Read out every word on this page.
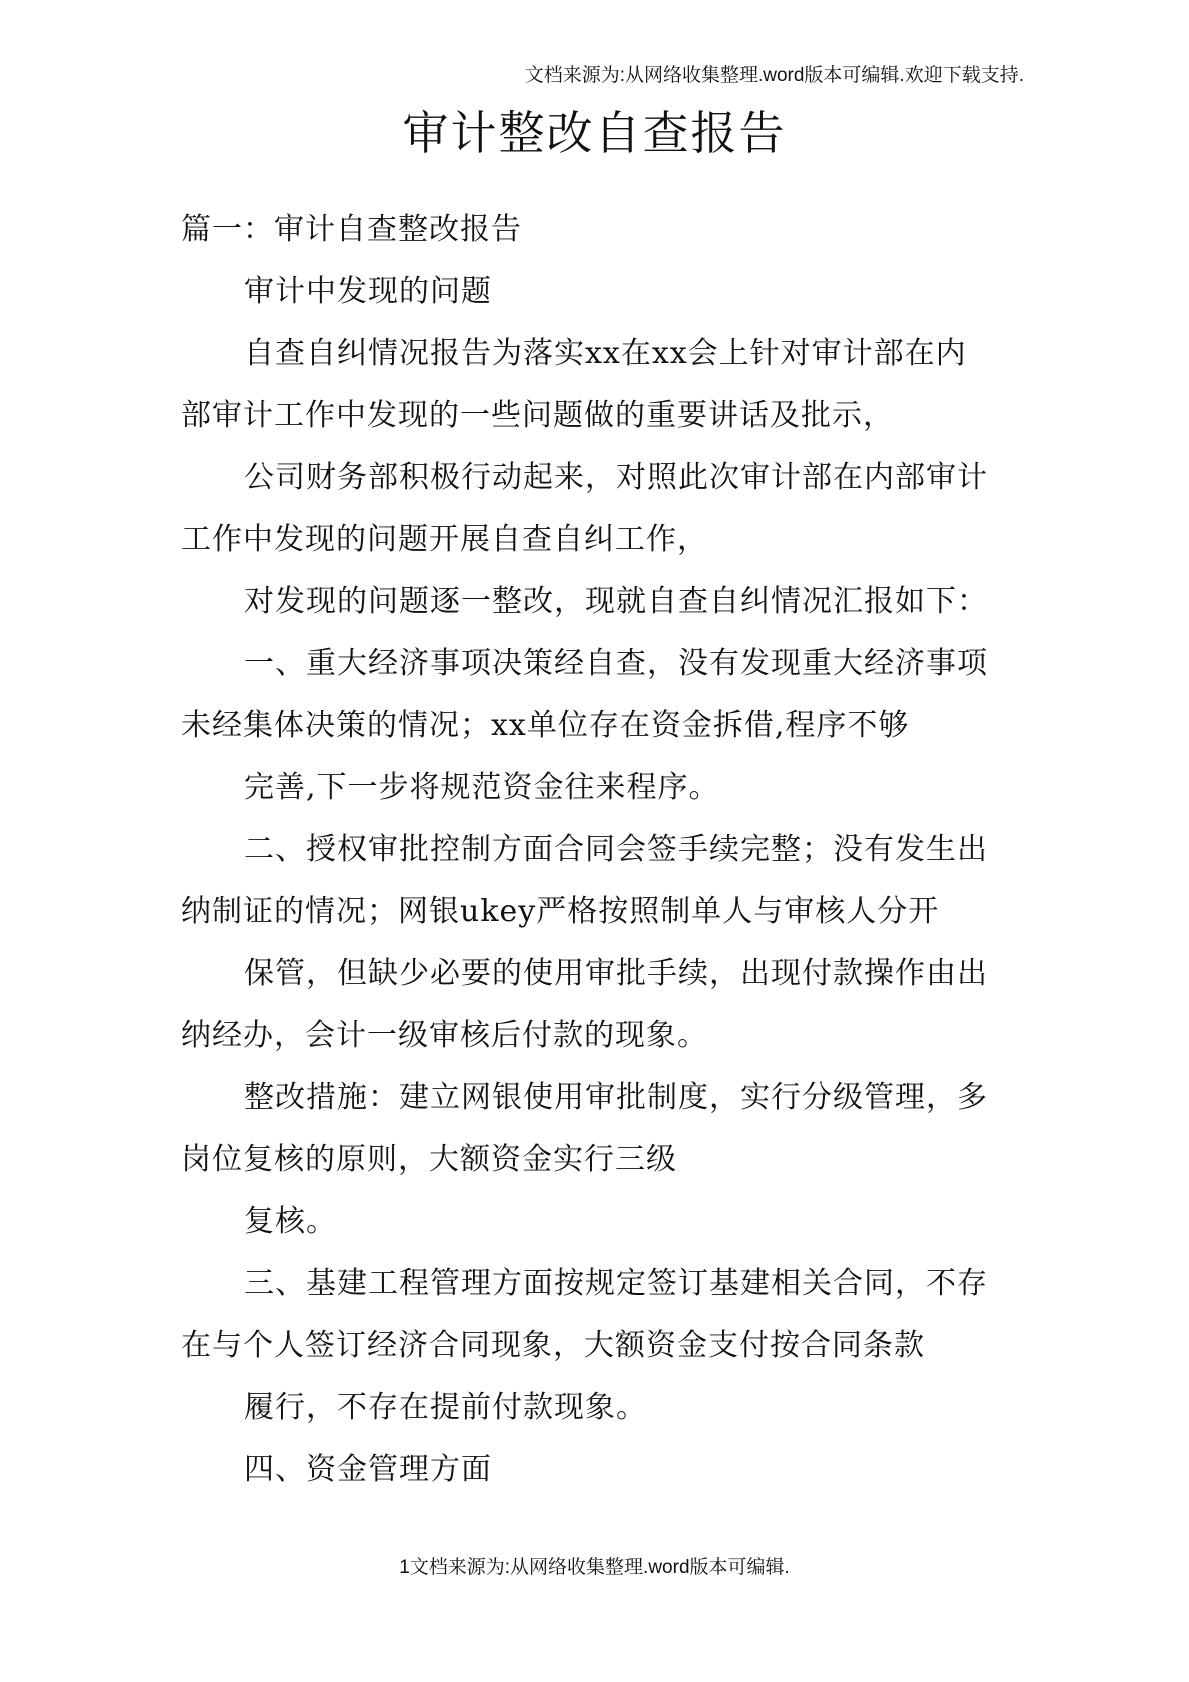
文档来源为:从网络收集整理.word版本可编辑.欢迎下载支持.
审计整改自查报告
篇一：审计自查整改报告
审计中发现的问题
自查自纠情况报告为落实xx在xx会上针对审计部在内
部审计工作中发现的一些问题做的重要讲话及批示，
公司财务部积极行动起来，对照此次审计部在内部审计
工作中发现的问题开展自查自纠工作，
对发现的问题逐一整改，现就自查自纠情况汇报如下：
一、重大经济事项决策经自查，没有发现重大经济事项
未经集体决策的情况；xx单位存在资金拆借,程序不够
完善,下一步将规范资金往来程序。
二、授权审批控制方面合同会签手续完整；没有发生出
纳制证的情况；网银ukey严格按照制单人与审核人分开
保管，但缺少必要的使用审批手续，出现付款操作由出
纳经办，会计一级审核后付款的现象。
整改措施：建立网银使用审批制度，实行分级管理，多
岗位复核的原则，大额资金实行三级
复核。
三、基建工程管理方面按规定签订基建相关合同，不存
在与个人签订经济合同现象，大额资金支付按合同条款
履行，不存在提前付款现象。
四、资金管理方面
1文档来源为:从网络收集整理.word版本可编辑.
